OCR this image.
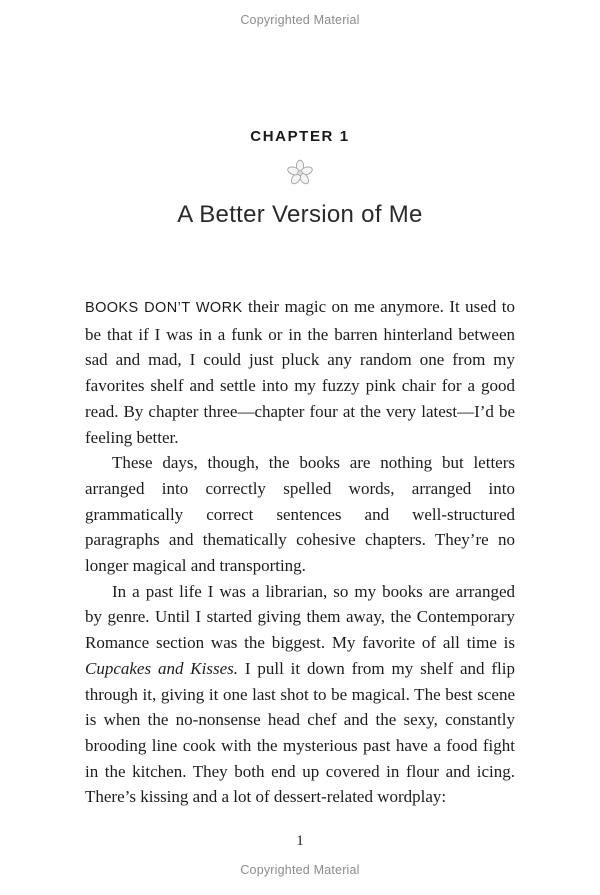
Copyrighted Material
CHAPTER 1
A Better Version of Me

BOOKS DON’T WORK their magic on me anymore. It used to be that if I was in a funk or in the barren hinterland between sad and mad, I could just pluck any random one from my favorites shelf and settle into my fuzzy pink chair for a good read. By chapter three—chapter four at the very latest—I’d be feeling better.

These days, though, the books are nothing but letters arranged into correctly spelled words, arranged into grammatically correct sentences and well-structured paragraphs and thematically cohesive chapters. They’re no longer magical and transporting.

In a past life I was a librarian, so my books are arranged by genre. Until I started giving them away, the Contemporary Romance section was the biggest. My favorite of all time is Cupcakes and Kisses. I pull it down from my shelf and flip through it, giving it one last shot to be magical. The best scene is when the no-nonsense head chef and the sexy, constantly brooding line cook with the mysterious past have a food fight in the kitchen. They both end up covered in flour and icing. There’s kissing and a lot of dessert-related wordplay:

1
Copyrighted Material
